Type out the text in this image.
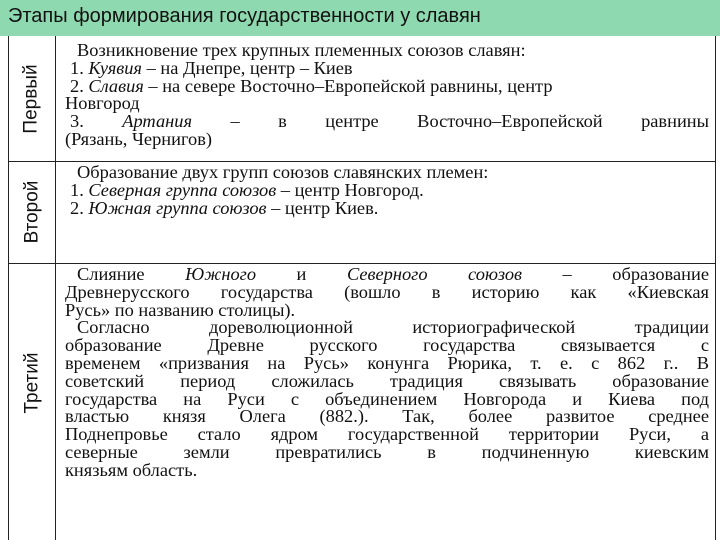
Этапы формирования государственности у славян
Первый
Второй
Третий

Возникновение трех крупных племенных союзов славян:

1. Куявия – на Днепре, центр – Киев

2. Славия – на севере Восточно–Европейской равнины, центр

Новгород

3. Артания – в центре Восточно–Европейской равнины

(Рязань, Чернигов)

Образование двух групп союзов славянских племен:

1. Северная группа союзов – центр Новгород.

2. Южная группа союзов – центр Киев.

Слияние Южного и Северного союзов – образование

Древнерусского государства (вошло в историю как «Киевская

Русь» по названию столицы).

Согласно дореволюционной историографической традиции

образование Древне русского государства связывается с

временем «призвания на Русь» конунга Рюрика, т. е. с 862 г.. В

советский период сложилась традиция связывать образование

государства на Руси с объединением Новгорода и Киева под

властью князя Олега (882.). Так, более развитое среднее

Поднепровье стало ядром государственной территории Руси, а

северные земли превратились в подчиненную киевским

князьям область.
